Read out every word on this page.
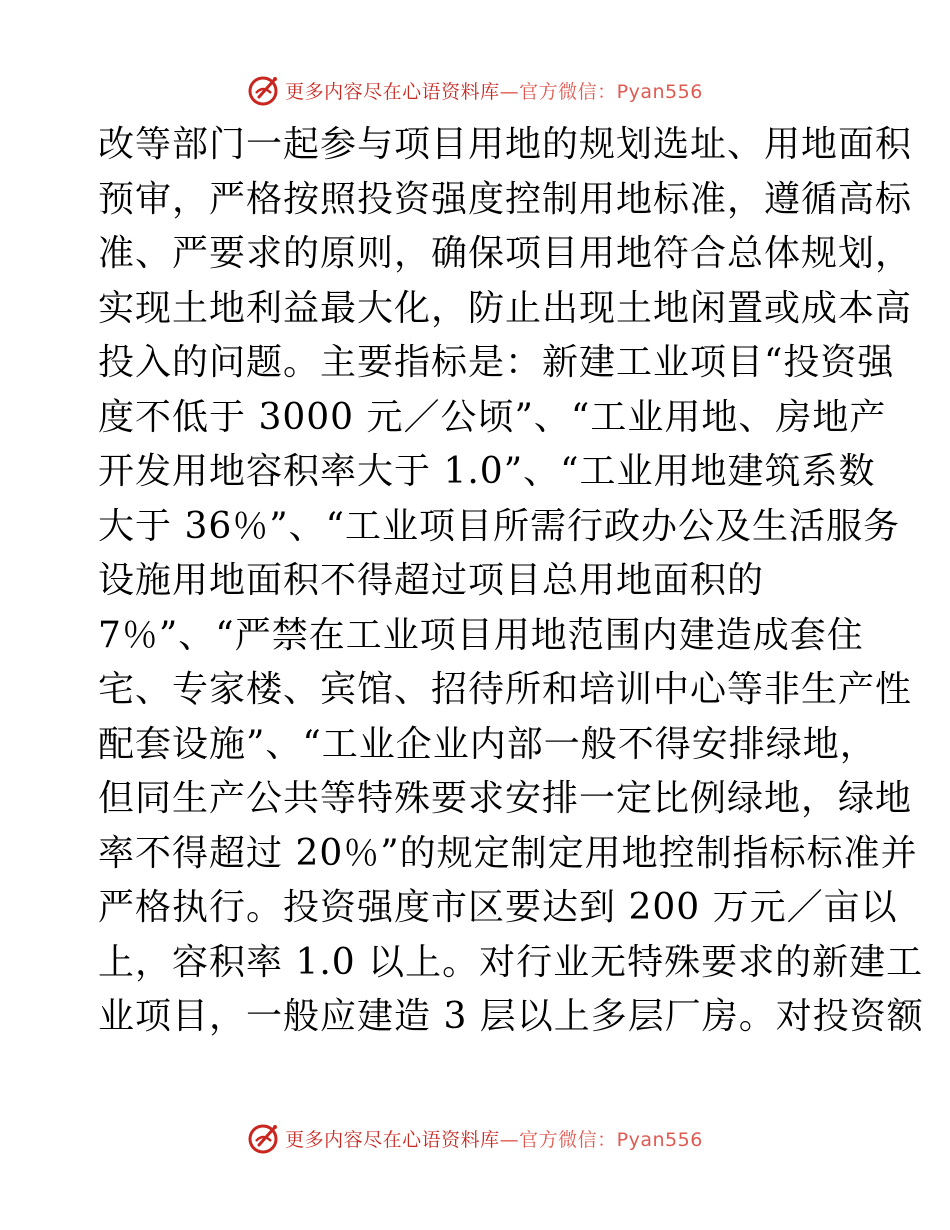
更多内容尽在心语资料库—官方微信：Pyan556
改等部门一起参与项目用地的规划选址、用地面积
预审，严格按照投资强度控制用地标准，遵循高标
准、严要求的原则，确保项目用地符合总体规划，
实现土地利益最大化，防止出现土地闲置或成本高
投入的问题。主要指标是：新建工业项目“投资强
度不低于 3000 元／公顷”、“工业用地、房地产
开发用地容积率大于 1.0”、“工业用地建筑系数
大于 36％”、“工业项目所需行政办公及生活服务
设施用地面积不得超过项目总用地面积的
7％”、“严禁在工业项目用地范围内建造成套住
宅、专家楼、宾馆、招待所和培训中心等非生产性
配套设施”、“工业企业内部一般不得安排绿地，
但同生产公共等特殊要求安排一定比例绿地，绿地
率不得超过 20％”的规定制定用地控制指标标准并
严格执行。投资强度市区要达到 200 万元／亩以
上，容积率 1.0 以上。对行业无特殊要求的新建工
业项目，一般应建造 3 层以上多层厂房。对投资额
更多内容尽在心语资料库—官方微信：Pyan556
